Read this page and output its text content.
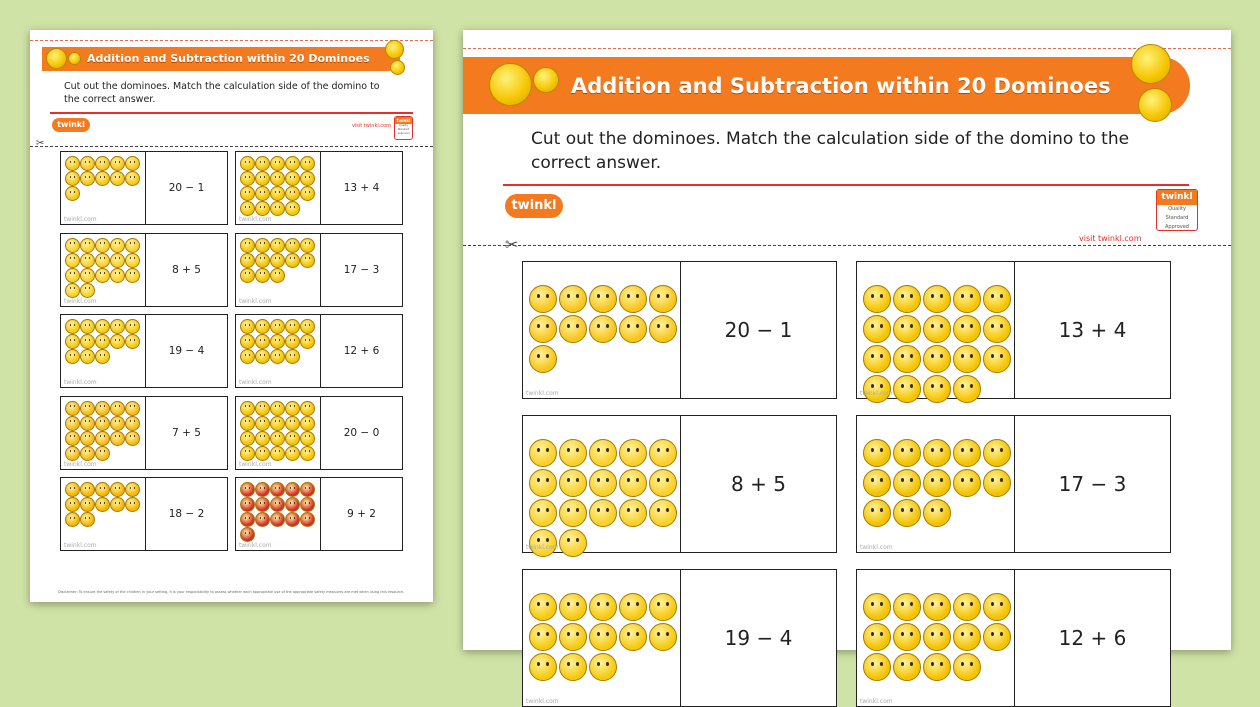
Addition and Subtraction within 20 Dominoes
Cut out the dominoes. Match the calculation side of the domino to the correct answer.
twinkl	visit twinkl.com
twinkl
Quality Standard
Approved
✂
twinkl.com
20 − 1
twinkl.com
13 + 4
twinkl.com
8 + 5
twinkl.com
17 − 3
twinkl.com
19 − 4
twinkl.com
12 + 6
twinkl.com
7 + 5
twinkl.com
20 − 0
twinkl.com
18 − 2
twinkl.com
9 + 2
Disclaimer: To ensure the safety of the children in your setting, it is your responsibility to assess whether each appropriate use of the appropriate safety measures are met when using this resource.
Addition and Subtraction within 20 Dominoes
Cut out the dominoes. Match the calculation side of the domino to the correct answer.
twinkl
visit twinkl.com
twinkl
Quality Standard
Approved
✂
twinkl.com
20 − 1
twinkl.com
13 + 4
twinkl.com
8 + 5
twinkl.com
17 − 3
twinkl.com
19 − 4
twinkl.com
12 + 6
